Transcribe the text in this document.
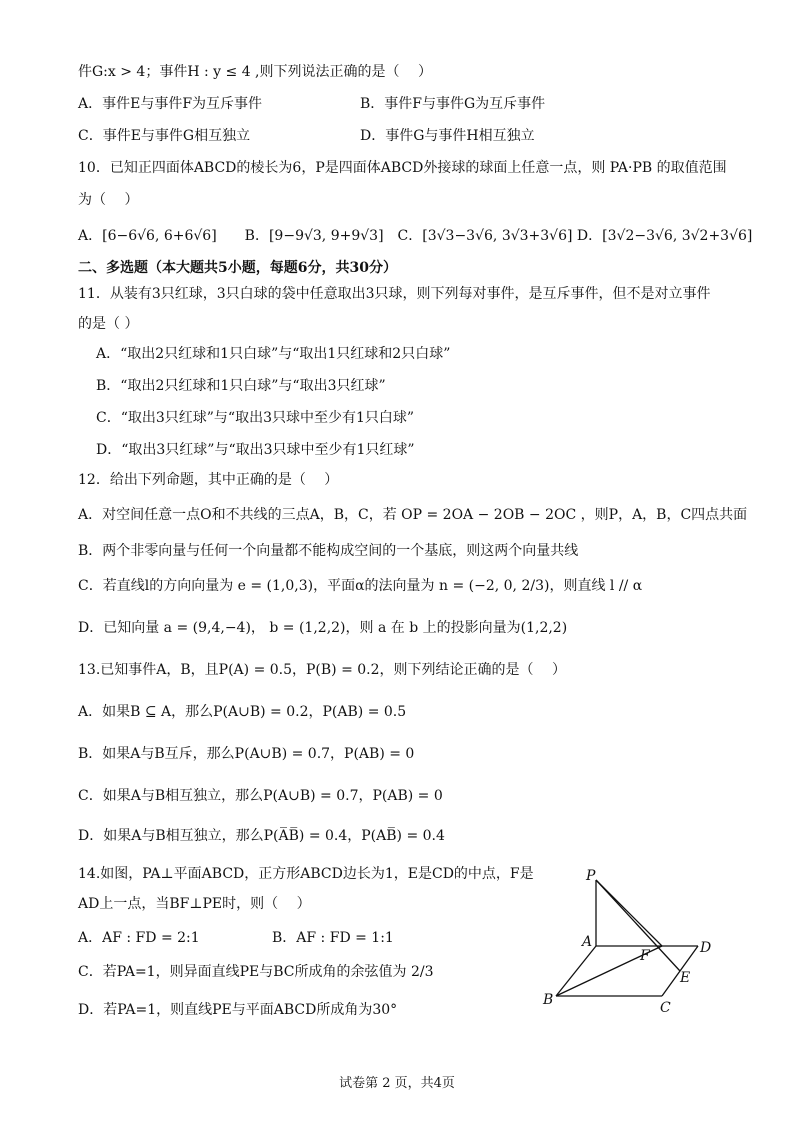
件G:x > 4；事件H : y ≤ 4 ,则下列说法正确的是（　 ）
A．事件E与事件F为互斥事件	B．事件F与事件G为互斥事件
C．事件E与事件G相互独立	D．事件G与事件H相互独立
10．已知正四面体ABCD的棱长为6，P是四面体ABCD外接球的球面上任意一点，则 PA·PB 的取值范围
为（　 ）
A．[6−6√6, 6+6√6]　　B．[9−9√3, 9+9√3]　C．[3√3−3√6, 3√3+3√6] D．[3√2−3√6, 3√2+3√6]
二、多选题（本大题共5小题，每题6分，共30分）
11．从装有3只红球，3只白球的袋中任意取出3只球，则下列每对事件，是互斥事件，但不是对立事件
的是（ ）
A．“取出2只红球和1只白球”与“取出1只红球和2只白球”
B．“取出2只红球和1只白球”与“取出3只红球”
C．“取出3只红球”与“取出3只球中至少有1只白球”
D．“取出3只红球”与“取出3只球中至少有1只红球”
12．给出下列命题，其中正确的是（　 ）
A．对空间任意一点O和不共线的三点A，B，C，若 OP = 2OA − 2OB − 2OC ，则P，A，B，C四点共面
B．两个非零向量与任何一个向量都不能构成空间的一个基底，则这两个向量共线
C．若直线l的方向向量为 e = (1,0,3)，平面α的法向量为 n = (−2, 0, 2/3)，则直线 l // α
D．已知向量 a = (9,4,−4)， b = (1,2,2)，则 a 在 b 上的投影向量为(1,2,2)
13.已知事件A，B，且P(A) = 0.5，P(B) = 0.2，则下列结论正确的是（　 ）
A．如果B ⊆ A，那么P(A∪B) = 0.2，P(AB) = 0.5
B．如果A与B互斥，那么P(A∪B) = 0.7，P(AB) = 0
C．如果A与B相互独立，那么P(A∪B) = 0.7，P(AB) = 0
D．如果A与B相互独立，那么P(A̅B̅) = 0.4，P(AB̅) = 0.4
14.如图，PA⊥平面ABCD，正方形ABCD边长为1，E是CD的中点，F是
AD上一点，当BF⊥PE时，则（　 ）
A．AF : FD = 2:1	B．AF : FD = 1:1
C．若PA=1，则异面直线PE与BC所成角的余弦值为 2/3
D．若PA=1，则直线PE与平面ABCD所成角为30°
P
A
F	D
E
B	C
试卷第 2 页，共4页
